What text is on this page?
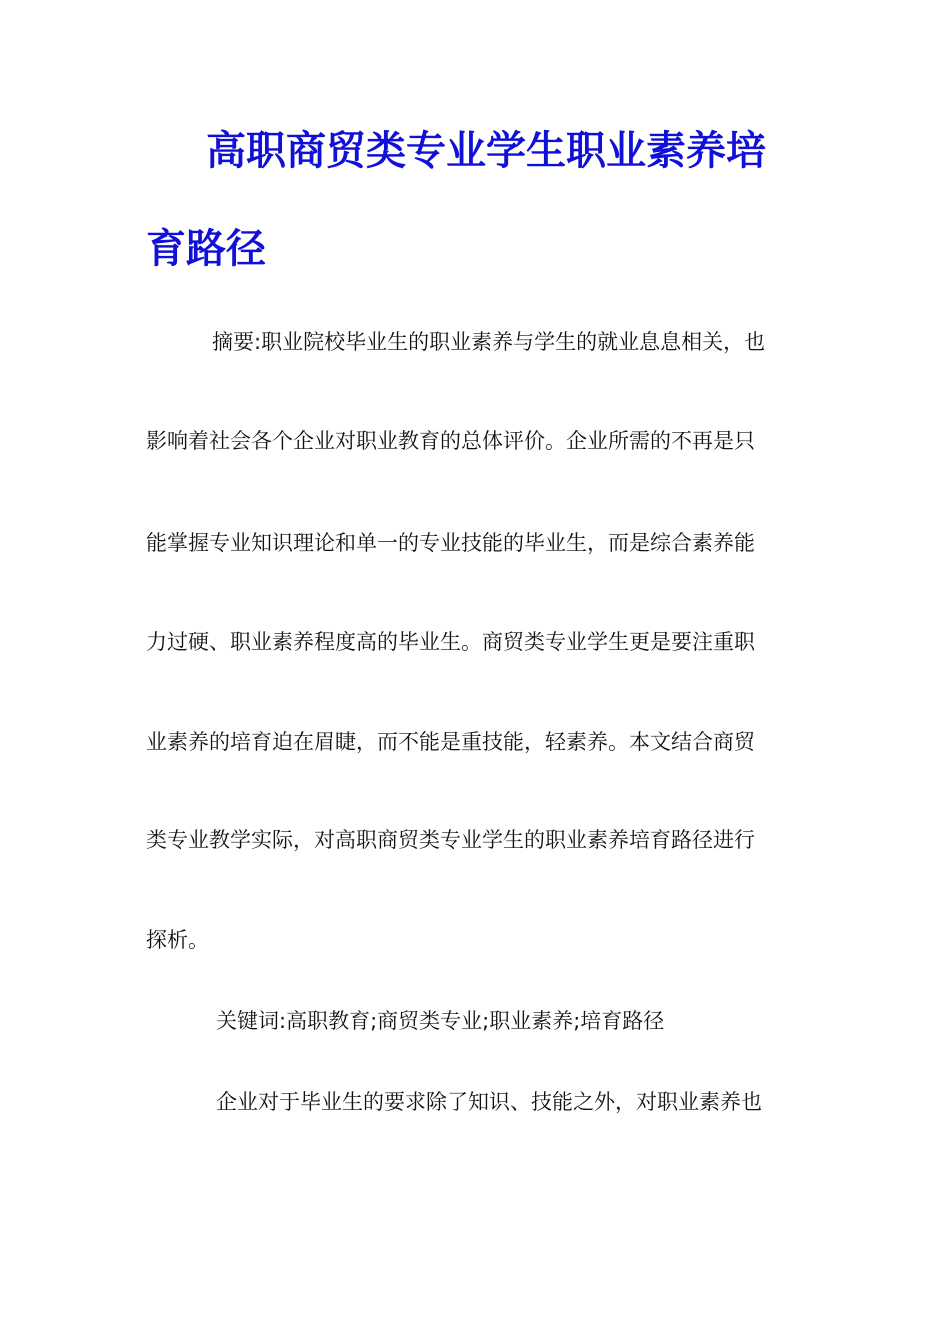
高职商贸类专业学生职业素养培
育路径

摘要:职业院校毕业生的职业素养与学生的就业息息相关，也

影响着社会各个企业对职业教育的总体评价。企业所需的不再是只

能掌握专业知识理论和单一的专业技能的毕业生，而是综合素养能

力过硬、职业素养程度高的毕业生。商贸类专业学生更是要注重职

业素养的培育迫在眉睫，而不能是重技能，轻素养。本文结合商贸

类专业教学实际，对高职商贸类专业学生的职业素养培育路径进行

探析。

关键词:高职教育;商贸类专业;职业素养;培育路径

企业对于毕业生的要求除了知识、技能之外，对职业素养也
